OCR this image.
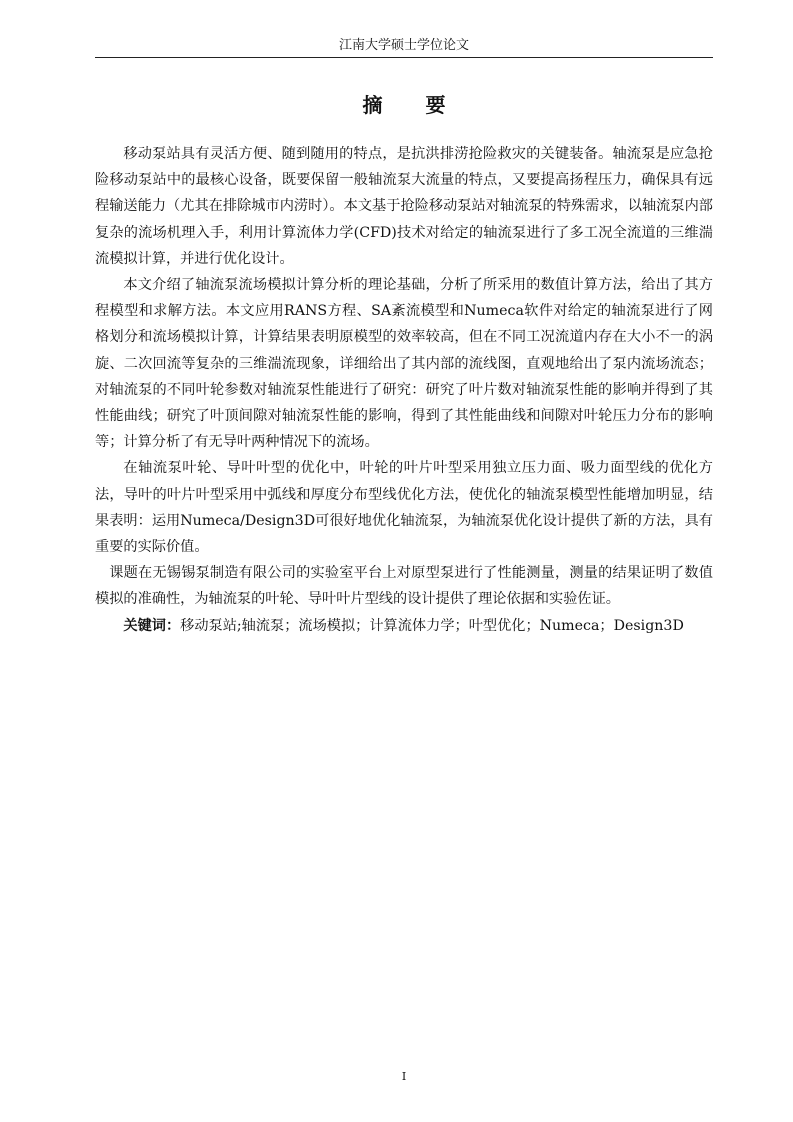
江南大学硕士学位论文
摘 要

移动泵站具有灵活方便、随到随用的特点，是抗洪排涝抢险救灾的关键装备。轴流泵是应急抢险移动泵站中的最核心设备，既要保留一般轴流泵大流量的特点，又要提高扬程压力，确保具有远程输送能力（尤其在排除城市内涝时）。本文基于抢险移动泵站对轴流泵的特殊需求，以轴流泵内部复杂的流场机理入手，利用计算流体力学(CFD)技术对给定的轴流泵进行了多工况全流道的三维湍流模拟计算，并进行优化设计。

本文介绍了轴流泵流场模拟计算分析的理论基础，分析了所采用的数值计算方法，给出了其方程模型和求解方法。本文应用RANS方程、SA紊流模型和Numeca软件对给定的轴流泵进行了网格划分和流场模拟计算，计算结果表明原模型的效率较高，但在不同工况流道内存在大小不一的涡旋、二次回流等复杂的三维湍流现象，详细给出了其内部的流线图，直观地给出了泵内流场流态；对轴流泵的不同叶轮参数对轴流泵性能进行了研究：研究了叶片数对轴流泵性能的影响并得到了其性能曲线；研究了叶顶间隙对轴流泵性能的影响，得到了其性能曲线和间隙对叶轮压力分布的影响等；计算分析了有无导叶两种情况下的流场。

在轴流泵叶轮、导叶叶型的优化中，叶轮的叶片叶型采用独立压力面、吸力面型线的优化方法，导叶的叶片叶型采用中弧线和厚度分布型线优化方法，使优化的轴流泵模型性能增加明显，结果表明：运用Numeca/Design3D可很好地优化轴流泵，为轴流泵优化设计提供了新的方法，具有重要的实际价值。

课题在无锡锡泵制造有限公司的实验室平台上对原型泵进行了性能测量，测量的结果证明了数值模拟的准确性，为轴流泵的叶轮、导叶叶片型线的设计提供了理论依据和实验佐证。

关键词：移动泵站;轴流泵；流场模拟；计算流体力学；叶型优化；Numeca；Design3D

I
